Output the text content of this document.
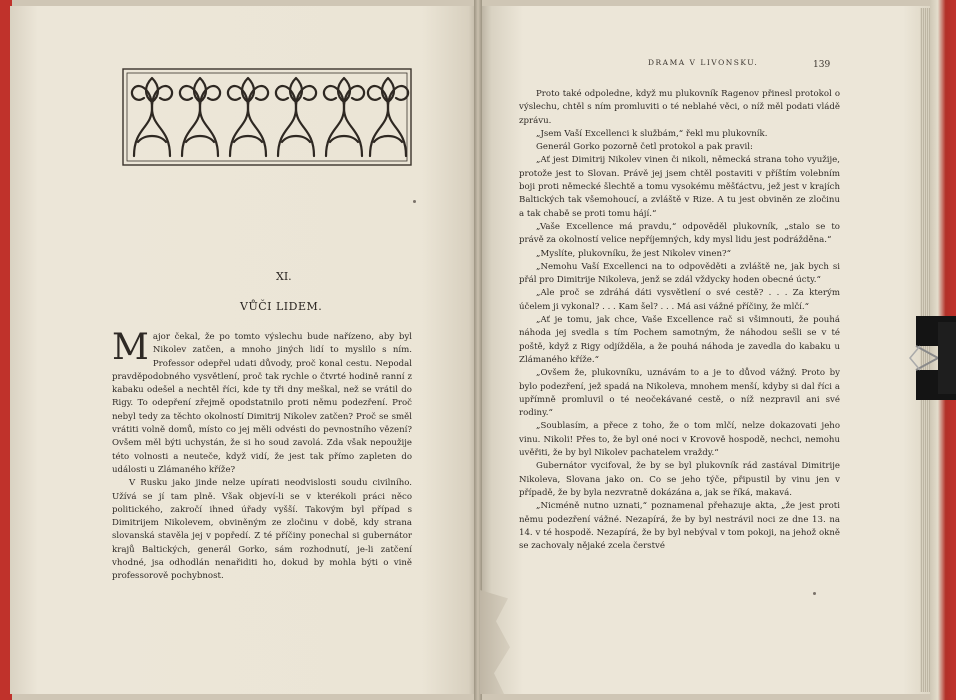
XI.
VŮČI LIDEM.

Major čekal, že po tomto výslechu bude nařízeno, aby byl Nikolev zatčen, a mnoho jiných lidí to myslilo s ním. Professor odepřel udati důvody, proč konal cestu. Nepodal pravděpodobného vysvětlení, proč tak rychle o čtvrté hodině ranní z kabaku odešel a nechtěl říci, kde ty tři dny meškal, než se vrátil do Rigy. To odepření zřejmě opodstatnilo proti němu podezření. Proč nebyl tedy za těchto okolností Dimitrij Nikolev zatčen? Proč se směl vrátiti volně domů, místo co jej měli odvésti do pevnostního vězení? Ovšem měl býti uchystán, že si ho soud zavolá. Zda však nepoužije této volnosti a neuteče, když vidí, že jest tak přímo zapleten do události u Zlámaného kříže?

V Rusku jako jinde nelze upírati neodvislosti soudu civilního. Užívá se jí tam plně. Však objeví-li se v kterékoli práci něco politického, zakročí ihned úřady vyšší. Takovým byl případ s Dimitrijem Nikolevem, obviněným ze zločinu v době, kdy strana slovanská stavěla jej v popředí. Z té příčiny ponechal si gubernátor krajů Baltických, generál Gorko, sám rozhodnutí, je-li zatčení vhodné, jsa odhodlán nenařiditi ho, dokud by mohla býti o vině professorově pochybnost.

DRAMA V LIVONSKU.	139

Proto také odpoledne, když mu plukovník Ragenov přinesl protokol o výslechu, chtěl s ním promluviti o té neblahé věci, o níž měl podati vládě zprávu.

„Jsem Vaší Excellenci k službám,“ řekl mu plukovník.

Generál Gorko pozorně četl protokol a pak pravil:

„Ať jest Dimitrij Nikolev vinen či nikoli, německá strana toho využije, protože jest to Slovan. Právě jej jsem chtěl postaviti v příštím volebním boji proti německé šlechtě a tomu vysokému měšťáctvu, jež jest v krajích Baltických tak všemohoucí, a zvláště v Rize. A tu jest obviněn ze zločinu a tak chabě se proti tomu hájí.“

„Vaše Excellence má pravdu,“ odpověděl plukovník, „stalo se to právě za okolností velice nepříjemných, kdy mysl lidu jest podrážděna.“

„Myslíte, plukovníku, že jest Nikolev vinen?“

„Nemohu Vaší Excellenci na to odpověděti a zvláště ne, jak bych si přál pro Dimitrije Nikoleva, jenž se zdál vždycky hoden obecné úcty.“

„Ale proč se zdráhá dáti vysvětlení o své cestě? . . . Za kterým účelem ji vykonal? . . . Kam šel? . . . Má asi vážné příčiny, že mlčí.“

„Ať je tomu, jak chce, Vaše Excellence rač si všimnouti, že pouhá náhoda jej svedla s tím Pochem samotným, že náhodou sešli se v té poště, když z Rigy odjížděla, a že pouhá náhoda je zavedla do kabaku u Zlámaného kříže.“

„Ovšem že, plukovníku, uznávám to a je to důvod vážný. Proto by bylo podezření, jež spadá na Nikoleva, mnohem menší, kdyby si dal říci a upřímně promluvil o té neočekávané cestě, o níž nezpravil ani své rodiny.“

„Soublasím, a přece z toho, že o tom mlčí, nelze dokazovati jeho vinu. Nikoli! Přes to, že byl oné noci v Krovově hospodě, nechci, nemohu uvěřiti, že by byl Nikolev pachatelem vraždy.“

Gubernátor vycifoval, že by se byl plukovník rád zastával Dimitrije Nikoleva, Slovana jako on. Co se jeho týče, připustil by vinu jen v případě, že by byla nezvratně dokázána a, jak se říká, makavá.

„Nicméně nutno uznati,“ poznamenal přehazuje akta, „že jest proti němu podezření vážné. Nezapírá, že by byl nestrávil noci ze dne 13. na 14. v té hospodě. Nezapírá, že by byl nebýval v tom pokoji, na jehož okně se zachovaly nějaké zcela čerstvé
